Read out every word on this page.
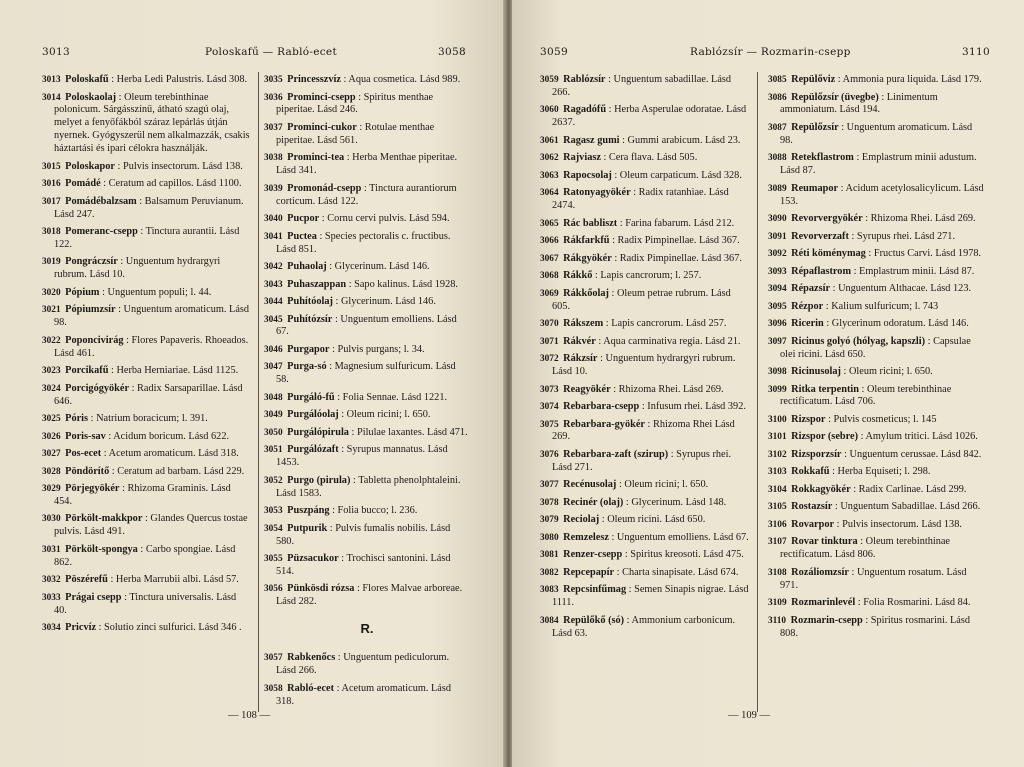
3013	Poloskafű — Rabló-ecet	3058
3013 Poloskafű : Herba Ledi Palustris. Lásd 308.
3014 Poloskaolaj : Oleum terebinthinae polonicum. Sárgásszínű, átható szagú olaj, melyet a fenyőfákból száraz lepárlás útján nyernek. Gyógyszerül nem alkalmazzák, csakis háztartási és ipari célokra használják.
3015 Poloskapor : Pulvis insectorum. Lásd 138.
3016 Pomádé : Ceratum ad capillos. Lásd 1100.
3017 Pomádébalzsam : Balsamum Peruvianum. Lásd 247.
3018 Pomeranc-csepp : Tinctura aurantii. Lásd 122.
3019 Pongráczsír : Unguentum hydrargyri rubrum. Lásd 10.
3020 Pópium : Unguentum populi; l. 44.
3021 Pópiumzsír : Unguentum aromaticum. Lásd 98.
3022 Poponcivirág : Flores Papaveris. Rhoeados. Lásd 461.
3023 Porcikafű : Herba Herniariae. Lásd 1125.
3024 Porcigógyökér : Radix Sarsaparillae. Lásd 646.
3025 Póris : Natrium boracicum; l. 391.
3026 Poris-sav : Acidum boricum. Lásd 622.
3027 Pos-ecet : Acetum aromaticum. Lásd 318.
3028 Pöndörítő : Ceratum ad barbam. Lásd 229.
3029 Pörjegyökér : Rhizoma Graminis. Lásd 454.
3030 Pörkölt-makkpor : Glandes Quercus tostae pulvis. Lásd 491.
3031 Pörkölt-spongya : Carbo spongiae. Lásd 862.
3032 Pöszérefű : Herba Marrubii albi. Lásd 57.
3033 Prágai csepp : Tinctura universalis. Lásd 40.
3034 Pricvíz : Solutio zinci sulfurici. Lásd 346 .
3035 Princesszvíz : Aqua cosmetica. Lásd 989.
3036 Prominci-csepp : Spiritus menthae piperitae. Lásd 246.
3037 Prominci-cukor : Rotulae menthae piperitae. Lásd 561.
3038 Prominci-tea : Herba Menthae piperitae. Lásd 341.
3039 Promonád-csepp : Tinctura aurantiorum corticum. Lásd 122.
3040 Pucpor : Cornu cervi pulvis. Lásd 594.
3041 Puctea : Species pectoralis c. fructibus. Lásd 851.
3042 Puhaolaj : Glycerinum. Lásd 146.
3043 Puhaszappan : Sapo kalinus. Lásd 1928.
3044 Puhítóolaj : Glycerinum. Lásd 146.
3045 Puhítózsír : Unguentum emolliens. Lásd 67.
3046 Purgapor : Pulvis purgans; l. 34.
3047 Purga-só : Magnesium sulfuricum. Lásd 58.
3048 Purgáló-fű : Folia Sennae. Lásd 1221.
3049 Purgálóolaj : Oleum ricini; l. 650.
3050 Purgálópirula : Pilulae laxantes. Lásd 471.
3051 Purgálózaft : Syrupus mannatus. Lásd 1453.
3052 Purgo (pirula) : Tabletta phenolphtaleini. Lásd 1583.
3053 Puszpáng : Folia bucco; l. 236.
3054 Putpurik : Pulvis fumalis nobilis. Lásd 580.
3055 Püzsacukor : Trochisci santonini. Lásd 514.
3056 Pünkösdi rózsa : Flores Malvae arboreae. Lásd 282.
R.
3057 Rabkenőcs : Unguentum pediculorum. Lásd 266.
3058 Rabló-ecet : Acetum aromaticum. Lásd 318.
— 108 —
3059	Rablózsír — Rozmarin-csepp	3110
3059 Rablózsír : Unguentum sabadillae. Lásd 266.
3060 Ragadófű : Herba Asperulae odoratae. Lásd 2637.
3061 Ragasz gumi : Gummi arabicum. Lásd 23.
3062 Rajviasz : Cera flava. Lásd 505.
3063 Rapocsolaj : Oleum carpaticum. Lásd 328.
3064 Ratonyagyökér : Radix ratanhiae. Lásd 2474.
3065 Rác babliszt : Farina fabarum. Lásd 212.
3066 Rákfarkfű : Radix Pimpinellae. Lásd 367.
3067 Rákgyökér : Radix Pimpinellae. Lásd 367.
3068 Rákkő : Lapis cancrorum; l. 257.
3069 Rákkőolaj : Oleum petrae rubrum. Lásd 605.
3070 Rákszem : Lapis cancrorum. Lásd 257.
3071 Rákvér : Aqua carminativa regia. Lásd 21.
3072 Rákzsír : Unguentum hydrargyri rubrum. Lásd 10.
3073 Reagyökér : Rhizoma Rhei. Lásd 269.
3074 Rebarbara-csepp : Infusum rhei. Lásd 392.
3075 Rebarbara-gyökér : Rhizoma Rhei Lásd 269.
3076 Rebarbara-zaft (szirup) : Syrupus rhei. Lásd 271.
3077 Recénusolaj : Oleum ricini; l. 650.
3078 Recinér (olaj) : Glycerinum. Lásd 148.
3079 Reciolaj : Oleum ricini. Lásd 650.
3080 Remzelesz : Unguentum emolliens. Lásd 67.
3081 Renzer-csepp : Spiritus kreosoti. Lásd 475.
3082 Repcepapír : Charta sinapisate. Lásd 674.
3083 Repcsinfűmag : Semen Sinapis nigrae. Lásd 1111.
3084 Repülőkő (só) : Ammonium carbonicum. Lásd 63.
3085 Repülőviz : Ammonia pura liquida. Lásd 179.
3086 Repülőzsír (üvegbe) : Linimentum ammoniatum. Lásd 194.
3087 Repülőzsír : Unguentum aromaticum. Lásd 98.
3088 Retekflastrom : Emplastrum minii adustum. Lásd 87.
3089 Reumapor : Acidum acetylosalicylicum. Lásd 153.
3090 Revorvergyökér : Rhizoma Rhei. Lásd 269.
3091 Revorverzaft : Syrupus rhei. Lásd 271.
3092 Réti köménymag : Fructus Carvi. Lásd 1978.
3093 Répaflastrom : Emplastrum minii. Lásd 87.
3094 Répazsír : Unguentum Althacae. Lásd 123.
3095 Rézpor : Kalium sulfuricum; l. 743
3096 Ricerin : Glycerinum odoratum. Lásd 146.
3097 Ricinus golyó (hólyag, kapszli) : Capsulae olei ricini. Lásd 650.
3098 Ricinusolaj : Oleum ricini; l. 650.
3099 Ritka terpentin : Oleum terebinthinae rectificatum. Lásd 706.
3100 Rizspor : Pulvis cosmeticus; l. 145
3101 Rizspor (sebre) : Amylum tritici. Lásd 1026.
3102 Rizsporzsír : Unguentum cerussae. Lásd 842.
3103 Rokkafű : Herba Equiseti; l. 298.
3104 Rokkagyökér : Radix Carlinae. Lásd 299.
3105 Rostazsír : Unguentum Sabadillae. Lásd 266.
3106 Rovarpor : Pulvis insectorum. Lásd 138.
3107 Rovar tinktura : Oleum terebinthinae rectificatum. Lásd 806.
3108 Rozáliomzsír : Unguentum rosatum. Lásd 971.
3109 Rozmarinlevél : Folia Rosmarini. Lásd 84.
3110 Rozmarin-csepp : Spiritus rosmarini. Lásd 808.
— 109 —
